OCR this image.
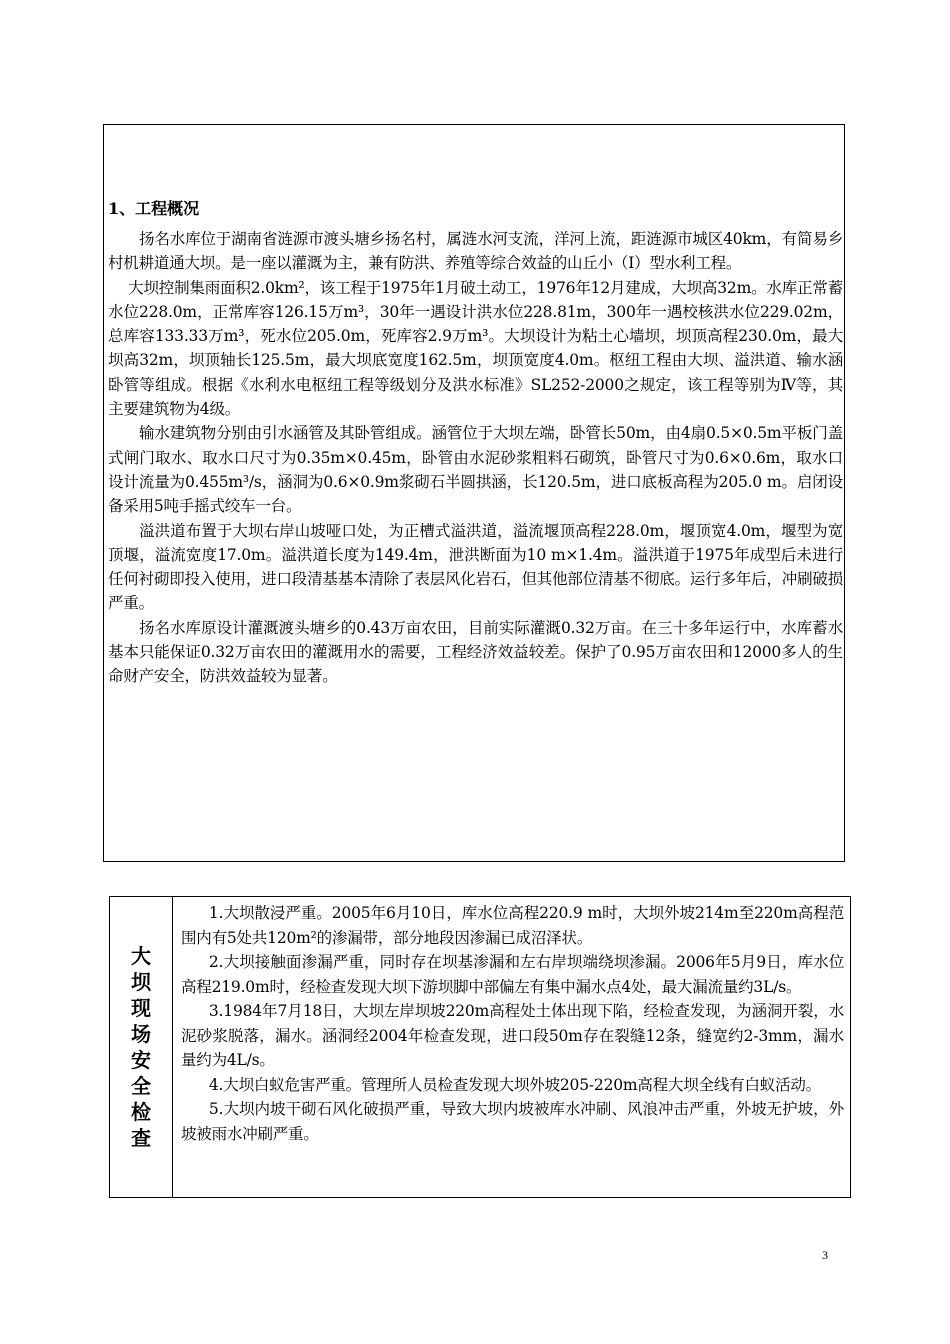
1、工程概况

扬名水库位于湖南省涟源市渡头塘乡扬名村，属涟水河支流，洋河上流，距涟源市城区40km，有简易乡村机耕道通大坝。是一座以灌溉为主，兼有防洪、养殖等综合效益的山丘小（Ⅰ）型水利工程。

大坝控制集雨面积2.0km²，该工程于1975年1月破土动工，1976年12月建成，大坝高32m。水库正常蓄水位228.0m，正常库容126.15万m³，30年一遇设计洪水位228.81m，300年一遇校核洪水位229.02m，总库容133.33万m³，死水位205.0m，死库容2.9万m³。大坝设计为粘土心墙坝，坝顶高程230.0m，最大坝高32m，坝顶轴长125.5m，最大坝底宽度162.5m，坝顶宽度4.0m。枢纽工程由大坝、溢洪道、输水涵卧管等组成。根据《水利水电枢纽工程等级划分及洪水标准》SL252-2000之规定，该工程等别为Ⅳ等，其主要建筑物为4级。

输水建筑物分别由引水涵管及其卧管组成。涵管位于大坝左端，卧管长50m，由4扇0.5×0.5m平板门盖式闸门取水、取水口尺寸为0.35m×0.45m，卧管由水泥砂浆粗料石砌筑，卧管尺寸为0.6×0.6m，取水口设计流量为0.455m³/s，涵洞为0.6×0.9m浆砌石半圆拱涵，长120.5m，进口底板高程为205.0 m。启闭设备采用5吨手摇式绞车一台。

溢洪道布置于大坝右岸山坡哑口处，为正槽式溢洪道，溢流堰顶高程228.0m，堰顶宽4.0m，堰型为宽顶堰，溢流宽度17.0m。溢洪道长度为149.4m，泄洪断面为10 m×1.4m。溢洪道于1975年成型后未进行任何衬砌即投入使用，进口段清基基本清除了表层风化岩石，但其他部位清基不彻底。运行多年后，冲刷破损严重。

扬名水库原设计灌溉渡头塘乡的0.43万亩农田，目前实际灌溉0.32万亩。在三十多年运行中，水库蓄水基本只能保证0.32万亩农田的灌溉用水的需要，工程经济效益较差。保护了0.95万亩农田和12000多人的生命财产安全，防洪效益较为显著。

大坝现场安全检查

1.大坝散浸严重。2005年6月10日，库水位高程220.9 m时，大坝外坡214m至220m高程范围内有5处共120m²的渗漏带，部分地段因渗漏已成沼泽状。

2.大坝接触面渗漏严重，同时存在坝基渗漏和左右岸坝端绕坝渗漏。2006年5月9日，库水位高程219.0m时，经检查发现大坝下游坝脚中部偏左有集中漏水点4处，最大漏流量约3L/s。

3.1984年7月18日，大坝左岸坝坡220m高程处土体出现下陷，经检查发现，为涵洞开裂，水泥砂浆脱落，漏水。涵洞经2004年检查发现，进口段50m存在裂缝12条，缝宽约2-3mm，漏水量约为4L/s。

4.大坝白蚁危害严重。管理所人员检查发现大坝外坡205-220m高程大坝全线有白蚁活动。

5.大坝内坡干砌石风化破损严重，导致大坝内坡被库水冲刷、风浪冲击严重，外坡无护坡，外坡被雨水冲刷严重。

3
